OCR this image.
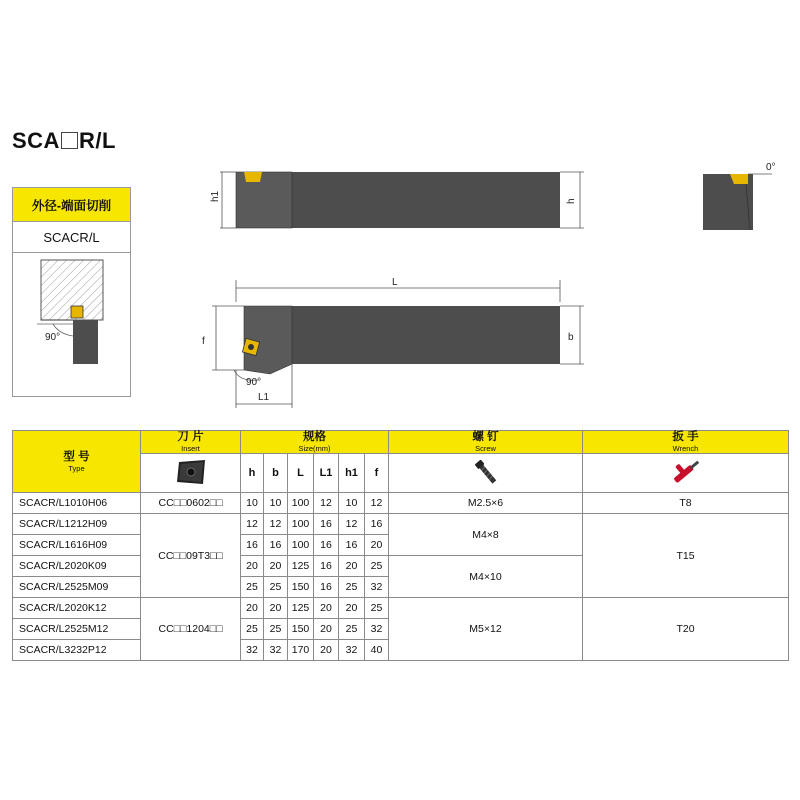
SCA R/L
外径-端面切削
SCACR/L
90°
h1	h
0°
L
f	b
90°
L1
型 号
Type	刀 片
Insert	规格
Size(mm)						螺 钉
Screw	扳 手
Wrench

	h	b	L	L1	h1	f		
SCACR/L1010H06	CC□□0602□□	10	10	100	12	10	12	M2.5×6	T8
SCACR/L1212H09	CC□□09T3□□	12	12	100	16	12	16	M4×8	T15
SCACR/L1616H09		16	16	100	16	16	20		
SCACR/L2020K09		20	20	125	16	20	25	M4×10	
SCACR/L2525M09		25	25	150	16	25	32		
SCACR/L2020K12	CC□□1204□□	20	20	125	20	20	25	M5×12	T20
SCACR/L2525M12		25	25	150	20	25	32		
SCACR/L3232P12		32	32	170	20	32	40		
